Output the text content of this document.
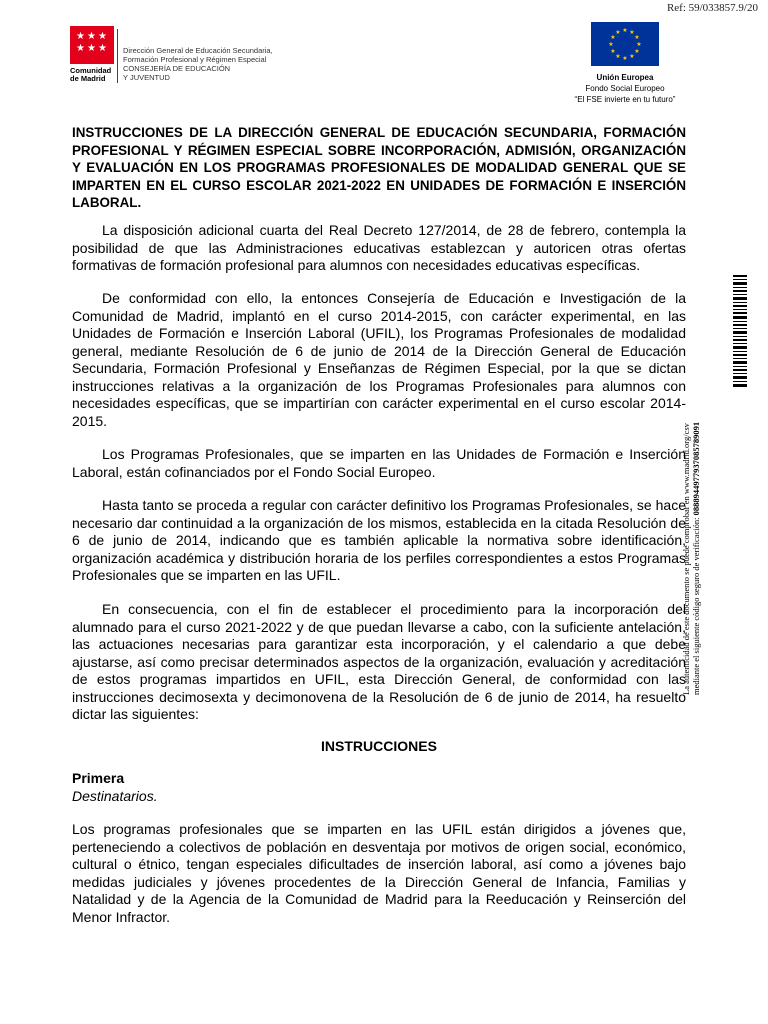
Ref: 59/033857.9/20
★ ★ ★
★ ★ ★
Comunidad
de Madrid
Dirección General de Educación Secundaria,
Formación Profesional y Régimen Especial
CONSEJERÍA DE EDUCACIÓN
Y JUVENTUD
★ ★
★
★
★
★
★
★
★
★
★
★
Unión Europea
Fondo Social Europeo
“El FSE invierte en tu futuro”
INSTRUCCIONES DE LA DIRECCIÓN GENERAL DE EDUCACIÓN SECUNDARIA, FORMACIÓN PROFESIONAL Y RÉGIMEN ESPECIAL SOBRE INCORPORACIÓN, ADMISIÓN, ORGANIZACIÓN Y EVALUACIÓN EN LOS PROGRAMAS PROFESIONALES DE MODALIDAD GENERAL QUE SE IMPARTEN EN EL CURSO ESCOLAR 2021-2022 EN UNIDADES DE FORMACIÓN E INSERCIÓN LABORAL.
La disposición adicional cuarta del Real Decreto 127/2014, de 28 de febrero, contempla la posibilidad de que las Administraciones educativas establezcan y autoricen otras ofertas formativas de formación profesional para alumnos con necesidades educativas específicas.
De conformidad con ello, la entonces Consejería de Educación e Investigación de la Comunidad de Madrid, implantó en el curso 2014-2015, con carácter experimental, en las Unidades de Formación e Inserción Laboral (UFIL), los Programas Profesionales de modalidad general, mediante Resolución de 6 de junio de 2014 de la Dirección General de Educación Secundaria, Formación Profesional y Enseñanzas de Régimen Especial, por la que se dictan instrucciones relativas a la organización de los Programas Profesionales para alumnos con necesidades específicas, que se impartirían con carácter experimental en el curso escolar 2014-2015.
Los Programas Profesionales, que se imparten en las Unidades de Formación e Inserción Laboral, están cofinanciados por el Fondo Social Europeo.
Hasta tanto se proceda a regular con carácter definitivo los Programas Profesionales, se hace necesario dar continuidad a la organización de los mismos, establecida en la citada Resolución de 6 de junio de 2014, indicando que es también aplicable la normativa sobre identificación, organización académica y distribución horaria de los perfiles correspondientes a estos Programas Profesionales que se imparten en las UFIL.
En consecuencia, con el fin de establecer el procedimiento para la incorporación del alumnado para el curso 2021-2022 y de que puedan llevarse a cabo, con la suficiente antelación, las actuaciones necesarias para garantizar esta incorporación, y el calendario a que debe ajustarse, así como precisar determinados aspectos de la organización, evaluación y acreditación de estos programas impartidos en UFIL, esta Dirección General, de conformidad con las instrucciones decimosexta y decimonovena de la Resolución de 6 de junio de 2014, ha resuelto dictar las siguientes:
INSTRUCCIONES
Primera
Destinatarios.
Los programas profesionales que se imparten en las UFIL están dirigidos a jóvenes que, perteneciendo a colectivos de población en desventaja por motivos de origen social, económico, cultural o étnico, tengan especiales dificultades de inserción laboral, así como a jóvenes bajo medidas judiciales y jóvenes procedentes de la Dirección General de Infancia, Familias y Natalidad y de la Agencia de la Comunidad de Madrid para la Reeducación y Reinserción del Menor Infractor.
La autenticidad de este documento se puede comprobar en www.madrid.org/csv mediante el siguiente código seguro de verificación: 0888944977937085789091
